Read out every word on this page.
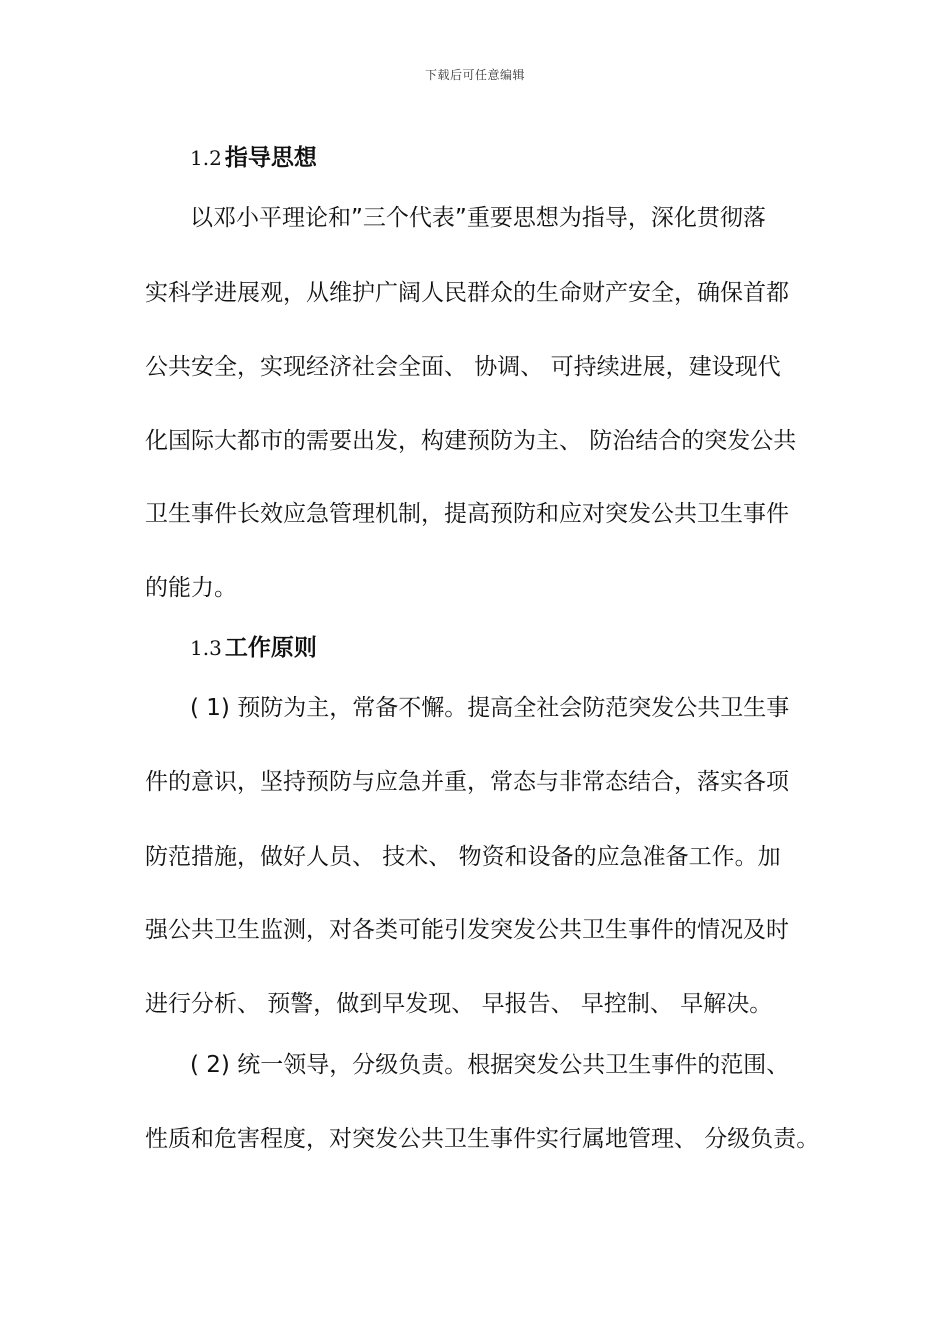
下载后可任意编辑
1.2 指导思想
以邓小平理论和”三个代表”重要思想为指导，深化贯彻落
实科学进展观，从维护广阔人民群众的生命财产安全，确保首都
公共安全，实现经济社会全面、 协调、 可持续进展，建设现代
化国际大都市的需要出发，构建预防为主、 防治结合的突发公共
卫生事件长效应急管理机制，提高预防和应对突发公共卫生事件
的能力。
1.3 工作原则
( 1) 预防为主，常备不懈。提高全社会防范突发公共卫生事
件的意识，坚持预防与应急并重，常态与非常态结合，落实各项
防范措施，做好人员、 技术、 物资和设备的应急准备工作。加
强公共卫生监测，对各类可能引发突发公共卫生事件的情况及时
进行分析、 预警，做到早发现、 早报告、 早控制、 早解决。
( 2) 统一领导，分级负责。根据突发公共卫生事件的范围、
性质和危害程度，对突发公共卫生事件实行属地管理、 分级负责。
